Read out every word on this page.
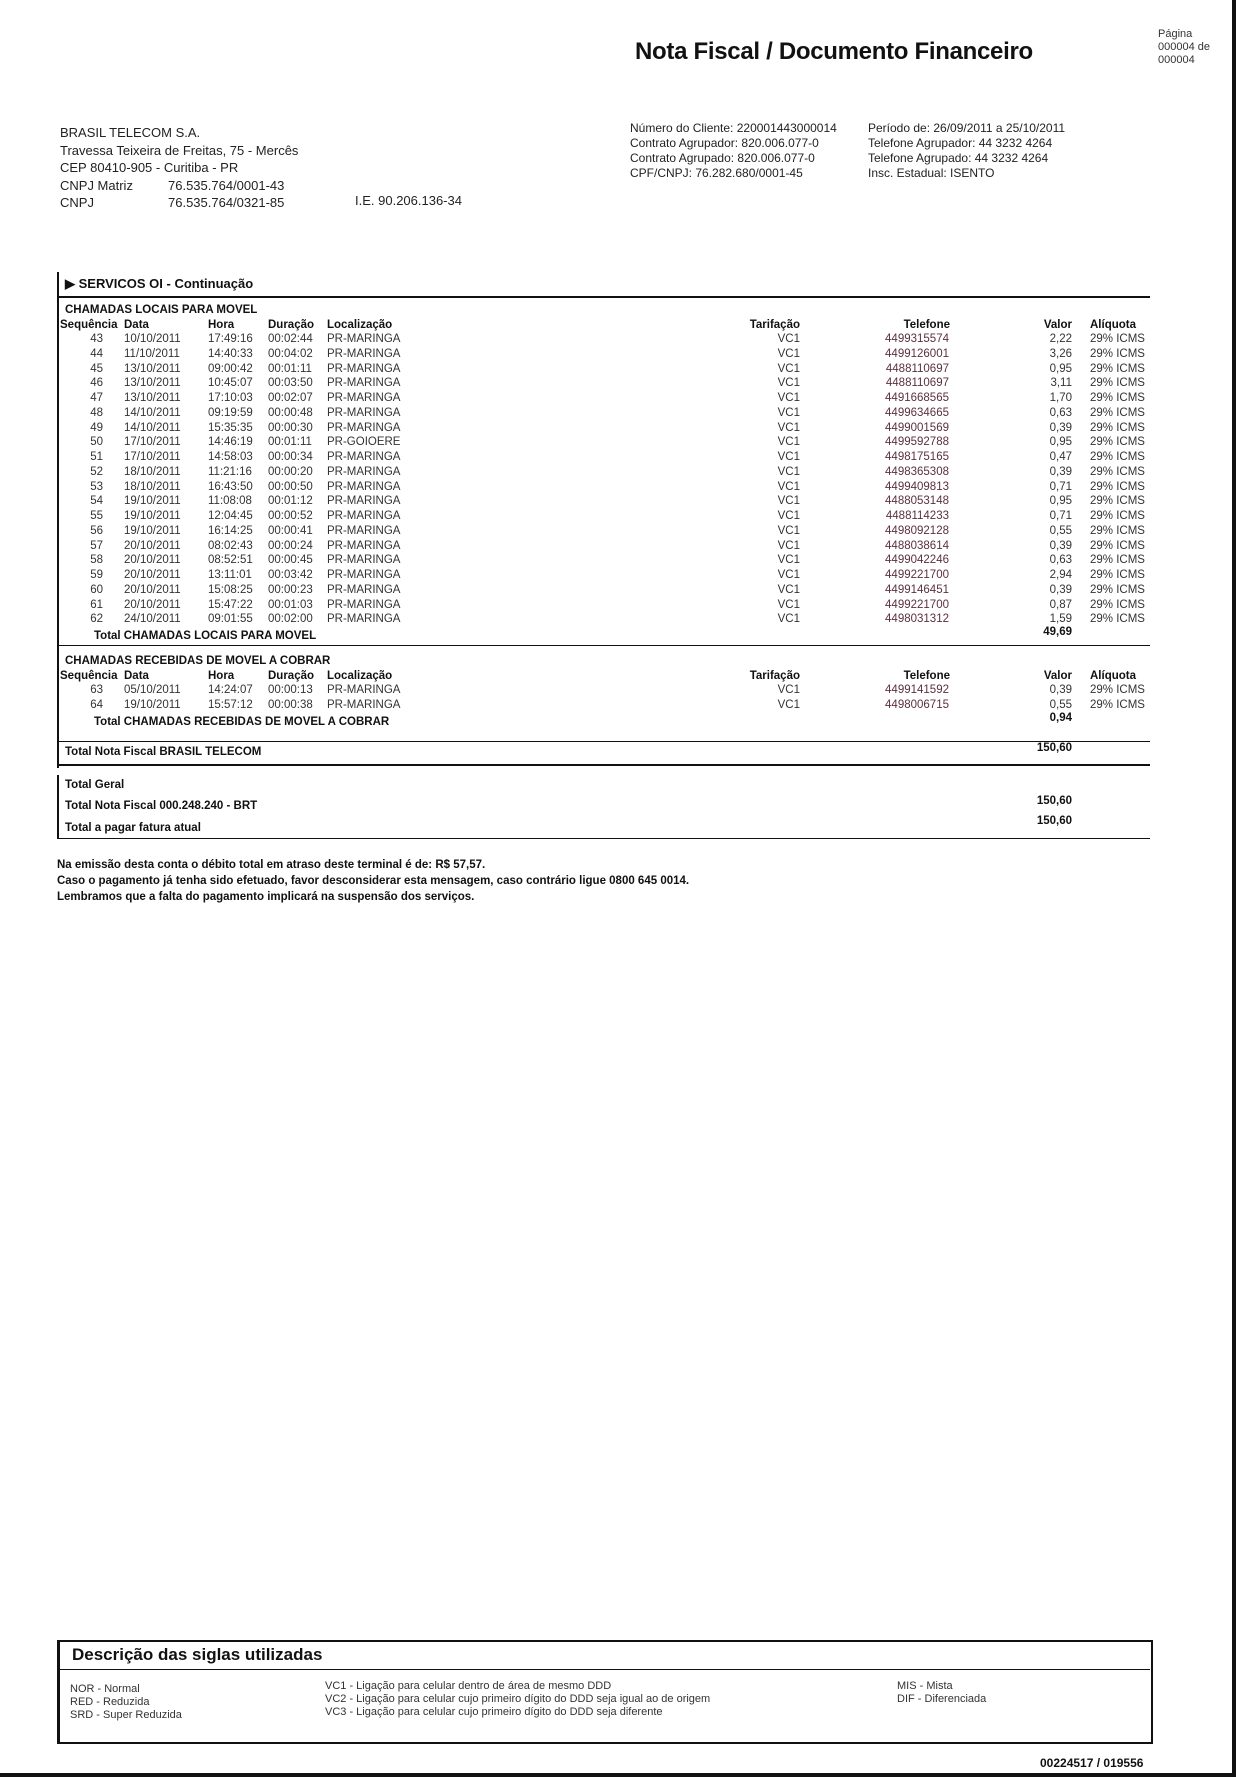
Nota Fiscal / Documento Financeiro
Página
000004 de
000004
BRASIL TELECOM S.A.
Travessa Teixeira de Freitas, 75 - Mercês
CEP 80410-905 - Curitiba - PR
CNPJ Matriz	76.535.764/0001-43
CNPJ	76.535.764/0321-85	I.E. 90.206.136-34
Número do Cliente: 220001443000014
Contrato Agrupador: 820.006.077-0
Contrato Agrupado: 820.006.077-0
CPF/CNPJ: 76.282.680/0001-45
Período de: 26/09/2011 a 25/10/2011
Telefone Agrupador: 44 3232 4264
Telefone Agrupado: 44 3232 4264
Insc. Estadual: ISENTO
▶ SERVICOS OI - Continuação
CHAMADAS LOCAIS PARA MOVEL
Sequência Data	Hora	Duração Localização	Tarifação	Telefone	Valor Alíquota
43 10/10/2011 17:49:16 00:02:44 PR-MARINGA	VC1	4499315574	2,22 29% ICMS
44 11/10/2011 14:40:33 00:04:02 PR-MARINGA	VC1	4499126001	3,26 29% ICMS
45 13/10/2011 09:00:42 00:01:11 PR-MARINGA	VC1	4488110697	0,95 29% ICMS
46 13/10/2011 10:45:07 00:03:50 PR-MARINGA	VC1	4488110697	3,11 29% ICMS
47 13/10/2011 17:10:03 00:02:07 PR-MARINGA	VC1	4491668565	1,70 29% ICMS
48 14/10/2011 09:19:59 00:00:48 PR-MARINGA	VC1	4499634665	0,63 29% ICMS
49 14/10/2011 15:35:35 00:00:30 PR-MARINGA	VC1	4499001569	0,39 29% ICMS
50 17/10/2011 14:46:19 00:01:11 PR-GOIOERE	VC1	4499592788	0,95 29% ICMS
51 17/10/2011 14:58:03 00:00:34 PR-MARINGA	VC1	4498175165	0,47 29% ICMS
52 18/10/2011 11:21:16 00:00:20 PR-MARINGA	VC1	4498365308	0,39 29% ICMS
53 18/10/2011 16:43:50 00:00:50 PR-MARINGA	VC1	4499409813	0,71 29% ICMS
54 19/10/2011 11:08:08 00:01:12 PR-MARINGA	VC1	4488053148	0,95 29% ICMS
55 19/10/2011 12:04:45 00:00:52 PR-MARINGA	VC1	4488114233	0,71 29% ICMS
56 19/10/2011 16:14:25 00:00:41 PR-MARINGA	VC1	4498092128	0,55 29% ICMS
57 20/10/2011 08:02:43 00:00:24 PR-MARINGA	VC1	4488038614	0,39 29% ICMS
58 20/10/2011 08:52:51 00:00:45 PR-MARINGA	VC1	4499042246	0,63 29% ICMS
59 20/10/2011 13:11:01 00:03:42 PR-MARINGA	VC1	4499221700	2,94 29% ICMS
60 20/10/2011 15:08:25 00:00:23 PR-MARINGA	VC1	4499146451	0,39 29% ICMS
61 20/10/2011 15:47:22 00:01:03 PR-MARINGA	VC1	4499221700	0,87 29% ICMS
62 24/10/2011 09:01:55 00:02:00 PR-MARINGA	VC1	4498031312	1,59 29% ICMS
Total CHAMADAS LOCAIS PARA MOVEL	49,69
CHAMADAS RECEBIDAS DE MOVEL A COBRAR
Sequência Data	Hora	Duração Localização	Tarifação	Telefone	Valor Alíquota
63 05/10/2011 14:24:07 00:00:13 PR-MARINGA	VC1	4499141592	0,39 29% ICMS
64 19/10/2011 15:57:12 00:00:38 PR-MARINGA	VC1	4498006715	0,55 29% ICMS
Total CHAMADAS RECEBIDAS DE MOVEL A COBRAR	0,94
Total Nota Fiscal BRASIL TELECOM	150,60
Total Geral
Total Nota Fiscal 000.248.240 - BRT	150,60
Total a pagar fatura atual
150,60
Na emissão desta conta o débito total em atraso deste terminal é de: R$ 57,57.
Caso o pagamento já tenha sido efetuado, favor desconsiderar esta mensagem, caso contrário ligue 0800 645 0014.
Lembramos que a falta do pagamento implicará na suspensão dos serviços.
Descrição das siglas utilizadas
NOR - Normal
RED - Reduzida
SRD - Super Reduzida
VC1 - Ligação para celular dentro de área de mesmo DDD
VC2 - Ligação para celular cujo primeiro dígito do DDD seja igual ao de origem
VC3 - Ligação para celular cujo primeiro dígito do DDD seja diferente
MIS - Mista
DIF - Diferenciada
00224517 / 019556
